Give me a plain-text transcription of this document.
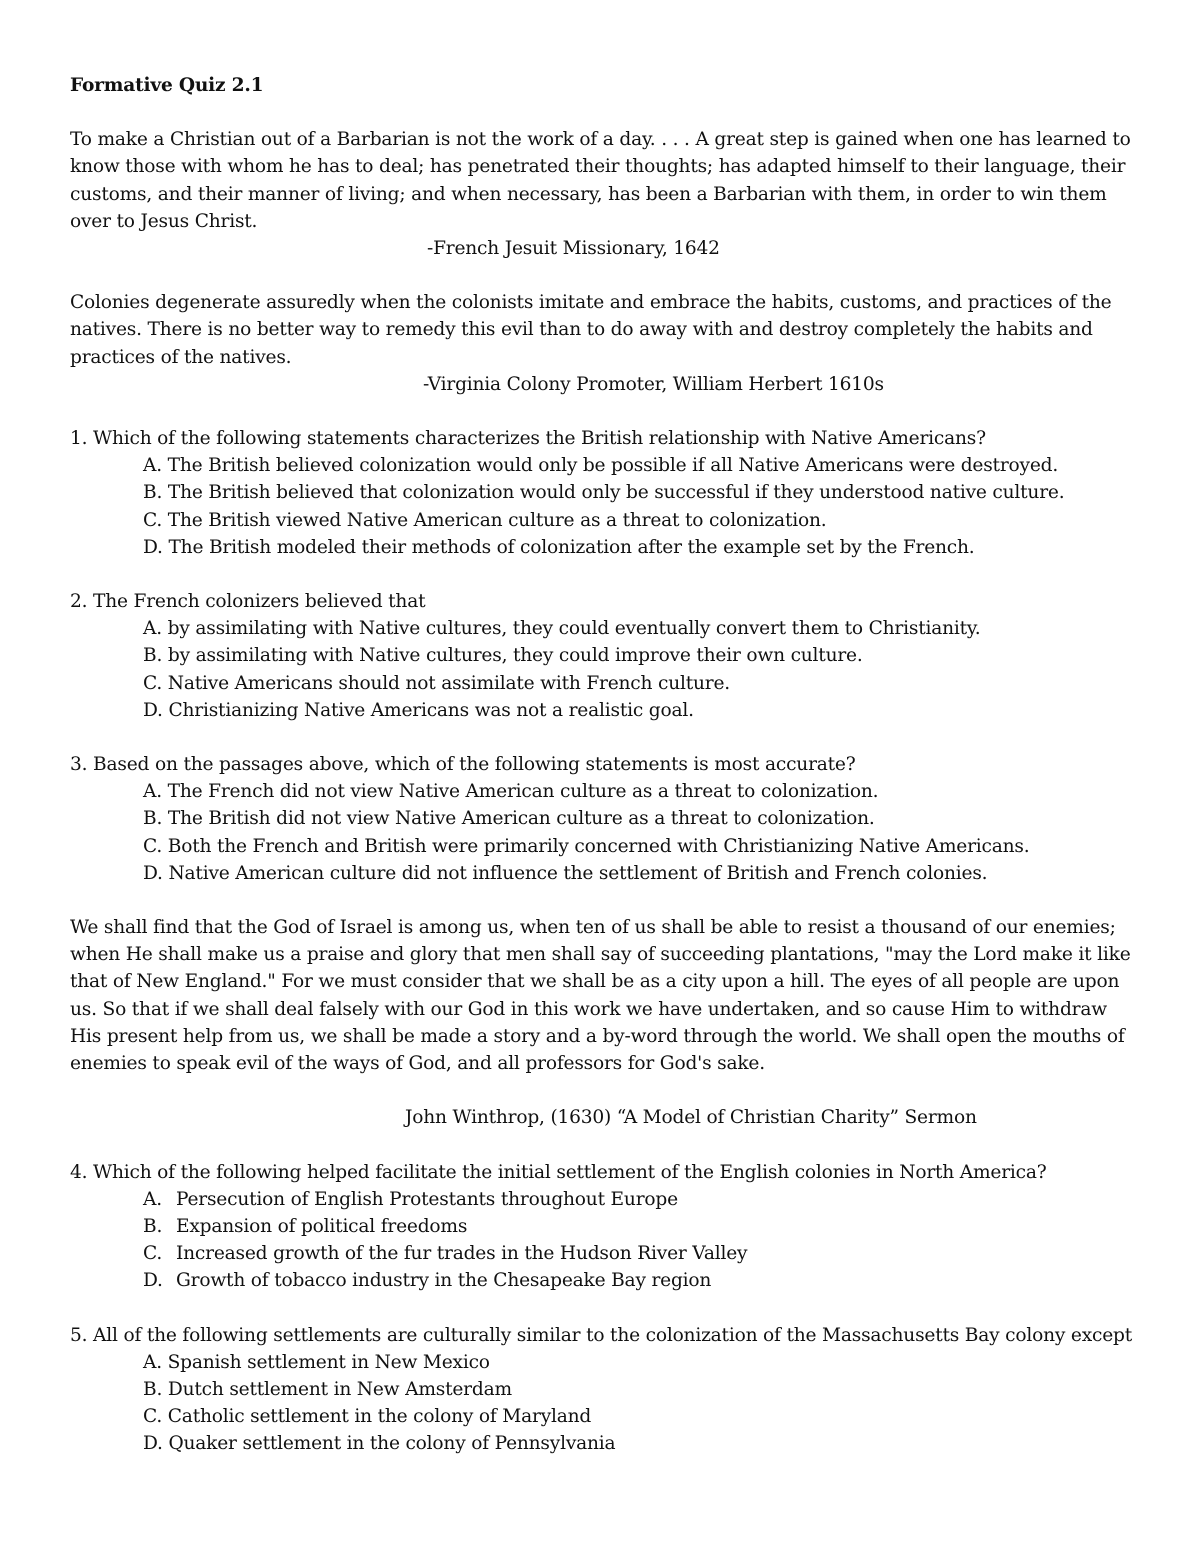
Formative Quiz 2.1

To make a Christian out of a Barbarian is not the work of a day. . . . A great step is gained when one has learned to know those with whom he has to deal; has penetrated their thoughts; has adapted himself to their language, their customs, and their manner of living; and when necessary, has been a Barbarian with them, in order to win them over to Jesus Christ.

-French Jesuit Missionary, 1642

Colonies degenerate assuredly when the colonists imitate and embrace the habits, customs, and practices of the natives. There is no better way to remedy this evil than to do away with and destroy completely the habits and practices of the natives.

-Virginia Colony Promoter, William Herbert 1610s

1. Which of the following statements characterizes the British relationship with Native Americans?

A. The British believed colonization would only be possible if all Native Americans were destroyed.
B. The British believed that colonization would only be successful if they understood native culture.
C. The British viewed Native American culture as a threat to colonization.
D. The British modeled their methods of colonization after the example set by the French.

2. The French colonizers believed that

A. by assimilating with Native cultures, they could eventually convert them to Christianity.
B. by assimilating with Native cultures, they could improve their own culture.
C. Native Americans should not assimilate with French culture.
D. Christianizing Native Americans was not a realistic goal.

3. Based on the passages above, which of the following statements is most accurate?

A. The French did not view Native American culture as a threat to colonization.
B. The British did not view Native American culture as a threat to colonization.
C. Both the French and British were primarily concerned with Christianizing Native Americans.
D. Native American culture did not influence the settlement of British and French colonies.

We shall find that the God of Israel is among us, when ten of us shall be able to resist a thousand of our enemies; when He shall make us a praise and glory that men shall say of succeeding plantations, "may the Lord make it like that of New England." For we must consider that we shall be as a city upon a hill. The eyes of all people are upon us. So that if we shall deal falsely with our God in this work we have undertaken, and so cause Him to withdraw His present help from us, we shall be made a story and a by-word through the world. We shall open the mouths of enemies to speak evil of the ways of God, and all professors for God's sake.

John Winthrop, (1630) “A Model of Christian Charity” Sermon

4. Which of the following helped facilitate the initial settlement of the English colonies in North America?

A. Persecution of English Protestants throughout Europe
B. Expansion of political freedoms
C. Increased growth of the fur trades in the Hudson River Valley
D. Growth of tobacco industry in the Chesapeake Bay region

5. All of the following settlements are culturally similar to the colonization of the Massachusetts Bay colony except

A. Spanish settlement in New Mexico
B. Dutch settlement in New Amsterdam
C. Catholic settlement in the colony of Maryland
D. Quaker settlement in the colony of Pennsylvania
